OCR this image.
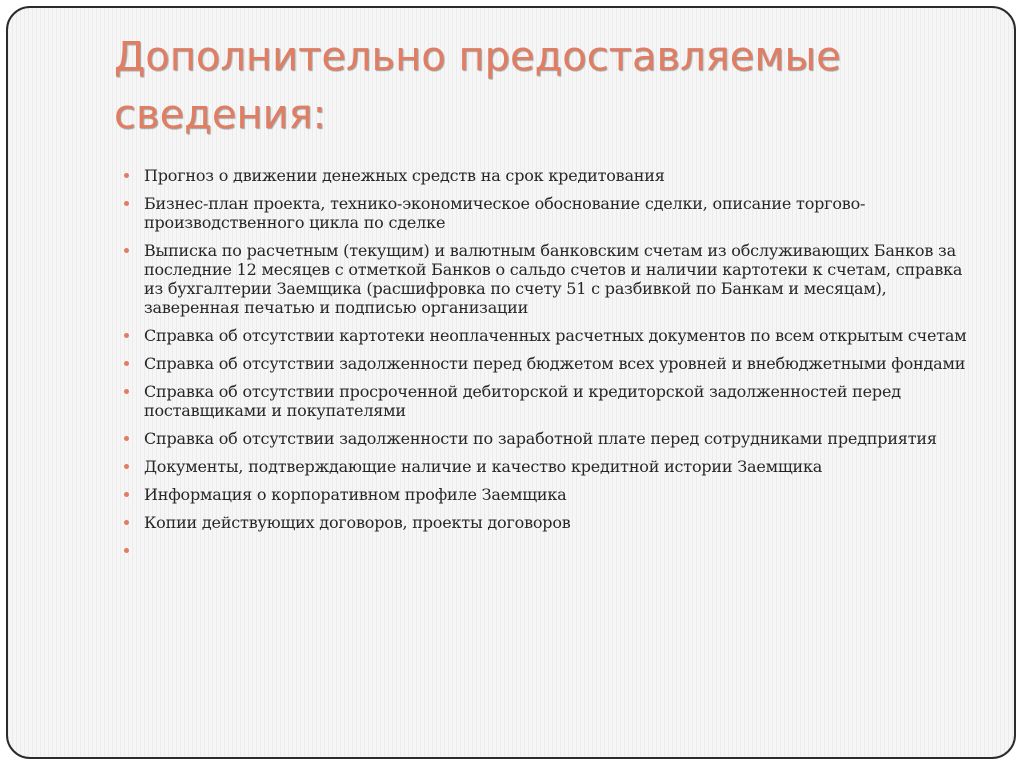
Дополнительно предоставляемые сведения:
Прогноз о движении денежных средств на срок кредитования
Бизнес-план проекта, технико-экономическое обоснование сделки, описание торгово-производственного цикла по сделке
Выписка по расчетным (текущим) и валютным банковским счетам из обслуживающих Банков за последние 12 месяцев с отметкой Банков о сальдо счетов и наличии картотеки к счетам, справка из бухгалтерии Заемщика (расшифровка по счету 51 с разбивкой по Банкам и месяцам), заверенная печатью и подписью организации
Справка об отсутствии картотеки неоплаченных расчетных документов по всем открытым счетам
Справка об отсутствии задолженности перед бюджетом всех уровней и внебюджетными фондами
Справка об отсутствии просроченной дебиторской и кредиторской задолженностей перед поставщиками и покупателями
Справка об отсутствии задолженности по заработной плате перед сотрудниками предприятия
Документы, подтверждающие наличие и качество кредитной истории Заемщика
Информация о корпоративном профиле Заемщика
Копии действующих договоров, проекты договоров
